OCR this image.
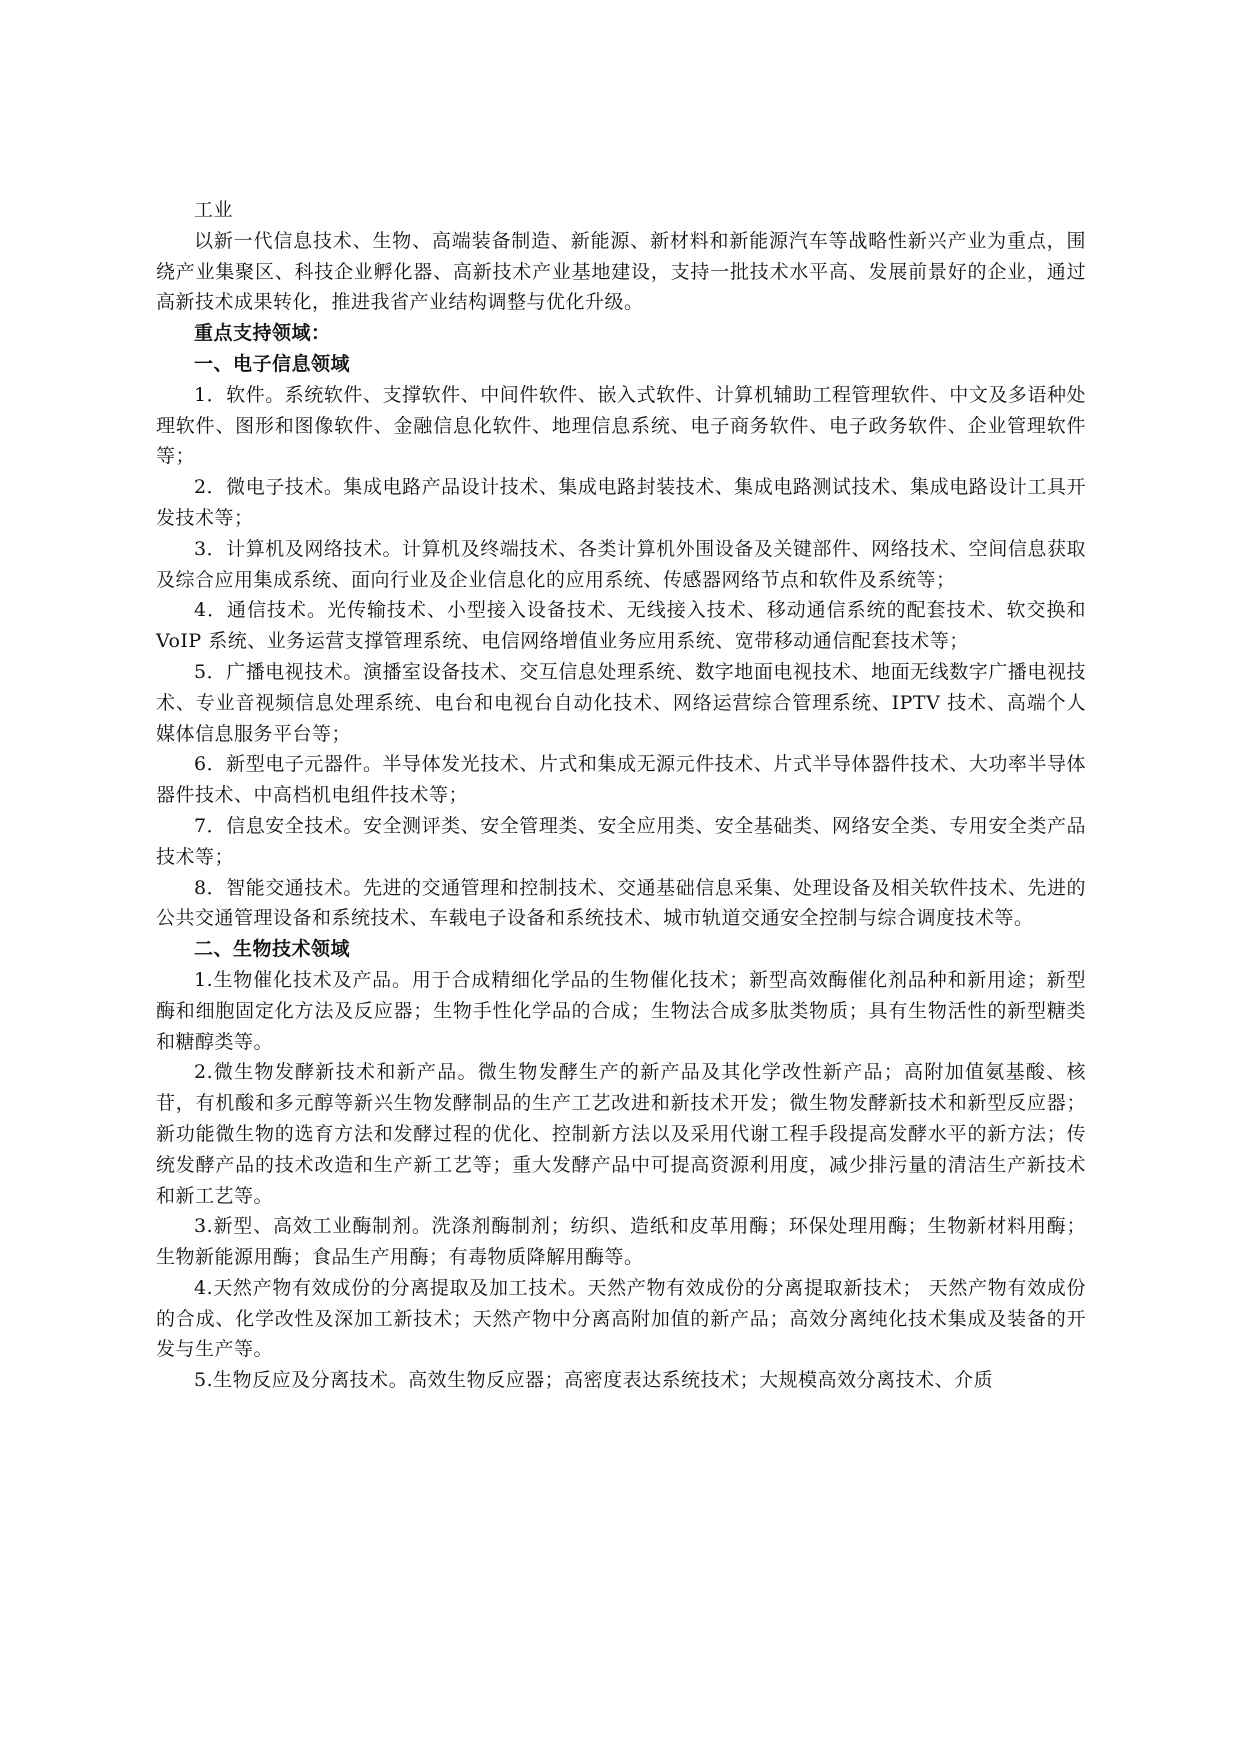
工业

以新一代信息技术、生物、高端装备制造、新能源、新材料和新能源汽车等战略性新兴产业为重点，围绕产业集聚区、科技企业孵化器、高新技术产业基地建设，支持一批技术水平高、发展前景好的企业，通过高新技术成果转化，推进我省产业结构调整与优化升级。

重点支持领域：

一、电子信息领域

1．软件。系统软件、支撑软件、中间件软件、嵌入式软件、计算机辅助工程管理软件、中文及多语种处理软件、图形和图像软件、金融信息化软件、地理信息系统、电子商务软件、电子政务软件、企业管理软件等；

2．微电子技术。集成电路产品设计技术、集成电路封装技术、集成电路测试技术、集成电路设计工具开发技术等；

3．计算机及网络技术。计算机及终端技术、各类计算机外围设备及关键部件、网络技术、空间信息获取及综合应用集成系统、面向行业及企业信息化的应用系统、传感器网络节点和软件及系统等；

4．通信技术。光传输技术、小型接入设备技术、无线接入技术、移动通信系统的配套技术、软交换和 VoIP 系统、业务运营支撑管理系统、电信网络增值业务应用系统、宽带移动通信配套技术等；

5．广播电视技术。演播室设备技术、交互信息处理系统、数字地面电视技术、地面无线数字广播电视技术、专业音视频信息处理系统、电台和电视台自动化技术、网络运营综合管理系统、IPTV 技术、高端个人媒体信息服务平台等；

6．新型电子元器件。半导体发光技术、片式和集成无源元件技术、片式半导体器件技术、大功率半导体器件技术、中高档机电组件技术等；

7．信息安全技术。安全测评类、安全管理类、安全应用类、安全基础类、网络安全类、专用安全类产品技术等；

8．智能交通技术。先进的交通管理和控制技术、交通基础信息采集、处理设备及相关软件技术、先进的公共交通管理设备和系统技术、车载电子设备和系统技术、城市轨道交通安全控制与综合调度技术等。

二、生物技术领域

1.生物催化技术及产品。用于合成精细化学品的生物催化技术；新型高效酶催化剂品种和新用途；新型酶和细胞固定化方法及反应器；生物手性化学品的合成；生物法合成多肽类物质；具有生物活性的新型糖类和糖醇类等。

2.微生物发酵新技术和新产品。微生物发酵生产的新产品及其化学改性新产品；高附加值氨基酸、核苷，有机酸和多元醇等新兴生物发酵制品的生产工艺改进和新技术开发；微生物发酵新技术和新型反应器；新功能微生物的选育方法和发酵过程的优化、控制新方法以及采用代谢工程手段提高发酵水平的新方法；传统发酵产品的技术改造和生产新工艺等；重大发酵产品中可提高资源利用度，减少排污量的清洁生产新技术和新工艺等。

3.新型、高效工业酶制剂。洗涤剂酶制剂；纺织、造纸和皮革用酶；环保处理用酶；生物新材料用酶；生物新能源用酶；食品生产用酶；有毒物质降解用酶等。

4.天然产物有效成份的分离提取及加工技术。天然产物有效成份的分离提取新技术； 天然产物有效成份的合成、化学改性及深加工新技术；天然产物中分离高附加值的新产品；高效分离纯化技术集成及装备的开发与生产等。

5.生物反应及分离技术。高效生物反应器；高密度表达系统技术；大规模高效分离技术、介质
